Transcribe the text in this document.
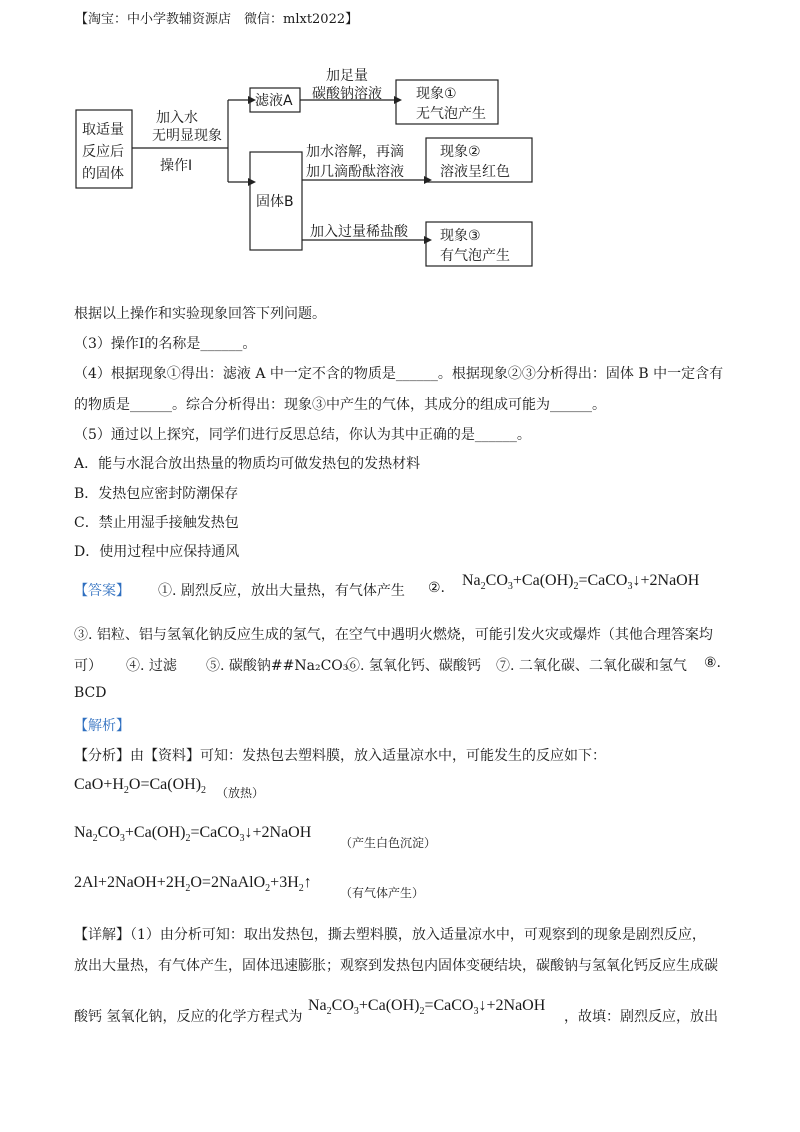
【淘宝：中小学教辅资源店　微信：mlxt2022】
取适量
反应后
的固体
加入水
无明显现象
操作Ⅰ
滤液A
加足量
碳酸钠溶液 现象①
无气泡产生
固体B
加水溶解，再滴
加几滴酚酞溶液
现象②
溶液呈红色
加入过量稀盐酸 现象③
有气泡产生
根据以上操作和实验现象回答下列问题。
（3）操作Ⅰ的名称是______。
（4）根据现象①得出：滤液 A 中一定不含的物质是______。根据现象②③分析得出：固体 B 中一定含有
的物质是______。综合分析得出：现象③中产生的气体，其成分的组成可能为______。
（5）通过以上探究，同学们进行反思总结，你认为其中正确的是______。
A．能与水混合放出热量的物质均可做发热包的发热材料
B．发热包应密封防潮保存
C．禁止用湿手接触发热包
D．使用过程中应保持通风
【答案】 ①. 剧烈反应，放出大量热，有气体产生 ②. $Na_2CO_3+Ca(OH)_2=CaCO_3↓+2NaOH$
③. 铝粒、铝与氢氧化钠反应生成的氢气，在空气中遇明火燃烧，可能引发火灾或爆炸（其他合理答案均
可） ④. 过滤 ⑤. 碳酸钠##Na₂CO₃
⑥. 氢氧化钙、碳酸钙 ⑦. 二氧化碳、二氧化碳和氢气 ⑧.
BCD
【解析】
【分析】由【资料】可知：发热包去塑料膜，放入适量凉水中，可能发生的反应如下：
$CaO+H_2O=Ca(OH)_2$ （放热）
$Na_2CO_3+Ca(OH)_2=CaCO_3↓+2NaOH$
（产生白色沉淀）
$2Al+2NaOH+2H_2O=2NaAlO_2+3H_2↑$
（有气体产生）
【详解】（1）由分析可知：取出发热包，撕去塑料膜，放入适量凉水中，可观察到的现象是剧烈反应，
放出大量热，有气体产生，固体迅速膨胀；观察到发热包内固体变硬结块，碳酸钠与氢氧化钙反应生成碳
酸钙 氢氧化钠，反应的化学方程式为
$Na_2CO_3+Ca(OH)_2=CaCO_3↓+2NaOH$
，故填：剧烈反应，放出
